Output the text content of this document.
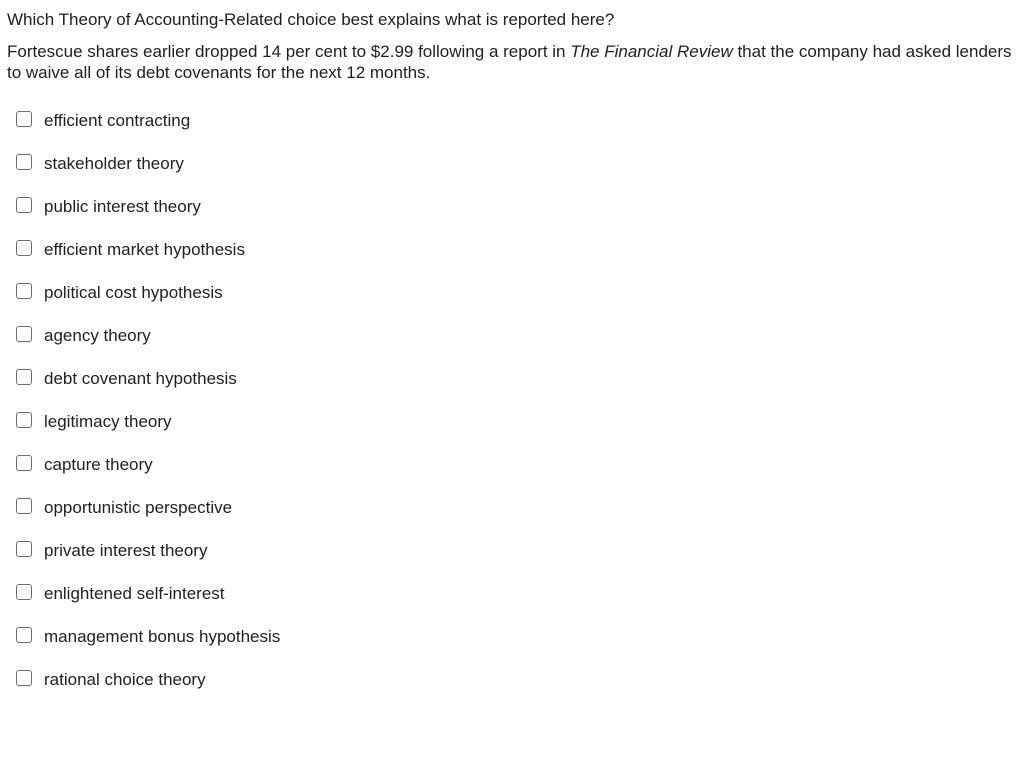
Which Theory of Accounting-Related choice best explains what is reported here?
Fortescue shares earlier dropped 14 per cent to $2.99 following a report in The Financial Review that the company had asked lenders to waive all of its debt covenants for the next 12 months.
efficient contracting
stakeholder theory
public interest theory
efficient market hypothesis
political cost hypothesis
agency theory
debt covenant hypothesis
legitimacy theory
capture theory
opportunistic perspective
private interest theory
enlightened self-interest
management bonus hypothesis
rational choice theory
